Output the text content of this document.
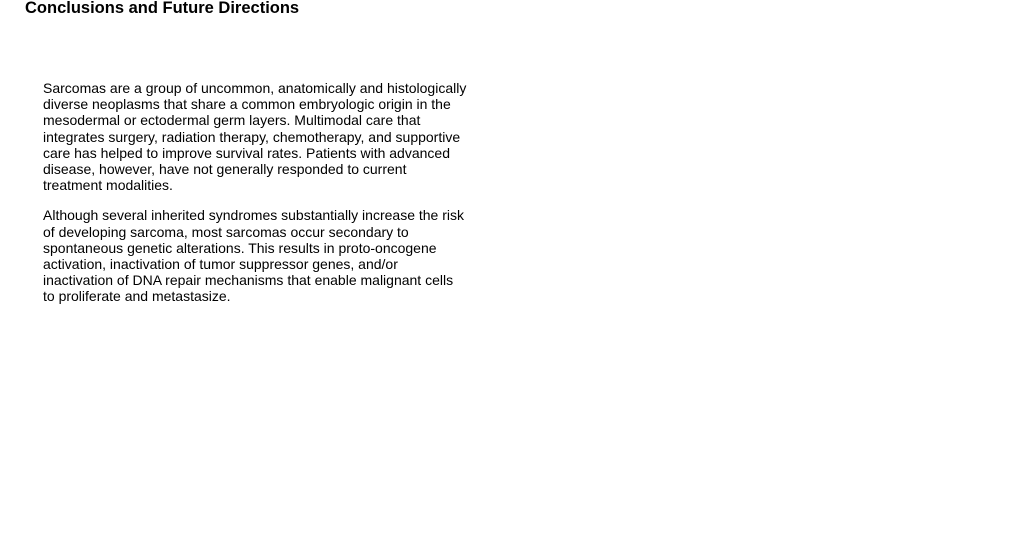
Conclusions and Future Directions

Sarcomas are a group of uncommon, anatomically and histologically
diverse neoplasms that share a common embryologic origin in the
mesodermal or ectodermal germ layers. Multimodal care that
integrates surgery, radiation therapy, chemotherapy, and supportive
care has helped to improve survival rates. Patients with advanced
disease, however, have not generally responded to current
treatment modalities.

Although several inherited syndromes substantially increase the risk
of developing sarcoma, most sarcomas occur secondary to
spontaneous genetic alterations. This results in proto-oncogene
activation, inactivation of tumor suppressor genes, and/or
inactivation of DNA repair mechanisms that enable malignant cells
to proliferate and metastasize.
